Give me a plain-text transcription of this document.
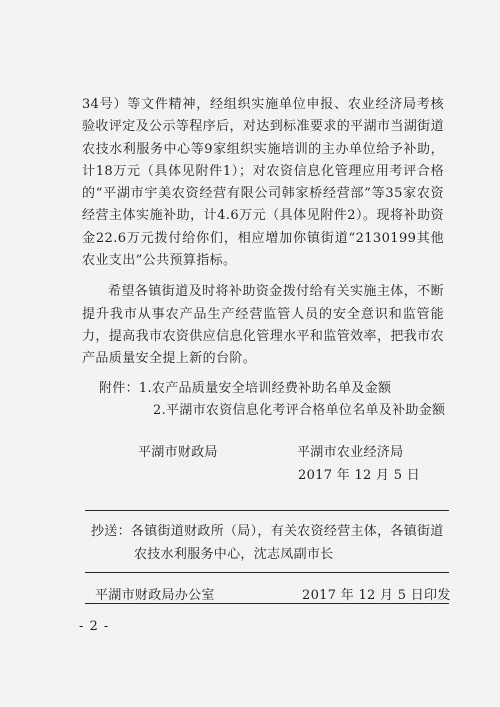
34号）等文件精神，经组织实施单位申报、农业经济局考核验收评定及公示等程序后，对达到标准要求的平湖市当湖街道农技水利服务中心等9家组织实施培训的主办单位给予补助，计18万元（具体见附件1）；对农资信息化管理应用考评合格的“平湖市宇美农资经营有限公司韩家桥经营部”等35家农资经营主体实施补助，计4.6万元（具体见附件2）。现将补助资金22.6万元拨付给你们，相应增加你镇街道“2130199其他农业支出”公共预算指标。

希望各镇街道及时将补助资金拨付给有关实施主体，不断提升我市从事农产品生产经营监管人员的安全意识和监管能力，提高我市农资供应信息化管理水平和监管效率，把我市农产品质量安全提上新的台阶。

附件：1.农产品质量安全培训经费补助名单及金额
2.平湖市农资信息化考评合格单位名单及补助金额
平湖市财政局	平湖市农业经济局
2017 年 12 月 5 日
抄送：各镇街道财政所（局），有关农资经营主体，各镇街道
农技水利服务中心，沈志凤副市长
平湖市财政局办公室	2017 年 12 月 5 日印发
- 2 -
